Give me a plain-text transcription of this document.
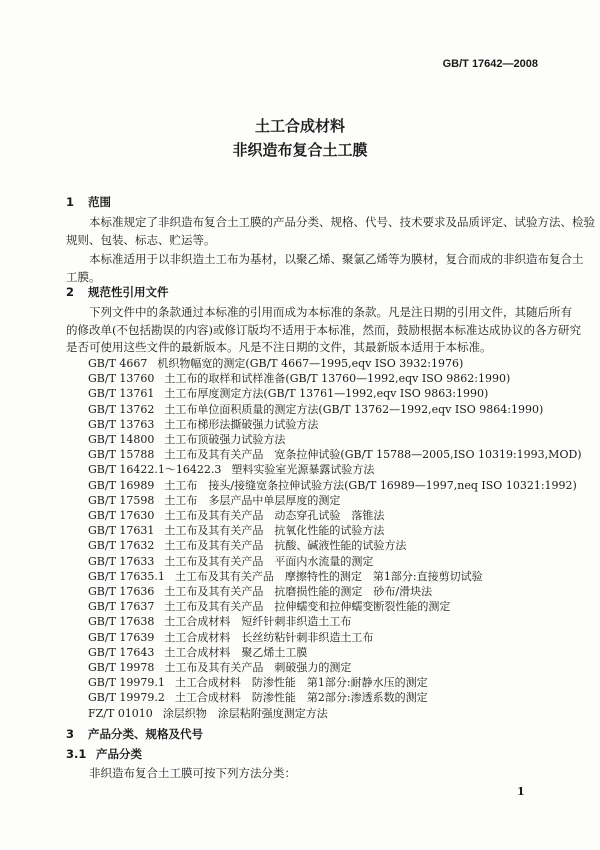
GB/T 17642—2008
土工合成材料
非织造布复合土工膜
1 范围
　　本标准规定了非织造布复合土工膜的产品分类、规格、代号、技术要求及品质评定、试验方法、检验
规则、包装、标志、贮运等。
　　本标准适用于以非织造土工布为基材，以聚乙烯、聚氯乙烯等为膜材，复合而成的非织造布复合土
工膜。
2 规范性引用文件
　　下列文件中的条款通过本标准的引用而成为本标准的条款。凡是注日期的引用文件，其随后所有
的修改单(不包括勘误的内容)或修订版均不适用于本标准，然而，鼓励根据本标准达成协议的各方研究
是否可使用这些文件的最新版本。凡是不注日期的文件，其最新版本适用于本标准。
GB/T 4667 机织物幅宽的测定(GB/T 4667—1995,eqv ISO 3932:1976)
GB/T 13760 土工布的取样和试样准备(GB/T 13760—1992,eqv ISO 9862:1990)
GB/T 13761 土工布厚度测定方法(GB/T 13761—1992,eqv ISO 9863:1990)
GB/T 13762 土工布单位面积质量的测定方法(GB/T 13762—1992,eqv ISO 9864:1990)
GB/T 13763 土工布梯形法撕破强力试验方法
GB/T 14800 土工布顶破强力试验方法
GB/T 15788 土工布及其有关产品　宽条拉伸试验(GB/T 15788—2005,ISO 10319:1993,MOD)
GB/T 16422.1～16422.3 塑料实验室光源暴露试验方法
GB/T 16989 土工布　接头/接缝宽条拉伸试验方法(GB/T 16989—1997,neq ISO 10321:1992)
GB/T 17598 土工布　多层产品中单层厚度的测定
GB/T 17630 土工布及其有关产品　动态穿孔试验　落锥法
GB/T 17631 土工布及其有关产品　抗氧化性能的试验方法
GB/T 17632 土工布及其有关产品　抗酸、碱液性能的试验方法
GB/T 17633 土工布及其有关产品　平面内水流量的测定
GB/T 17635.1 土工布及其有关产品　摩擦特性的测定　第1部分:直接剪切试验
GB/T 17636 土工布及其有关产品　抗磨损性能的测定　砂布/滑块法
GB/T 17637 土工布及其有关产品　拉伸蠕变和拉伸蠕变断裂性能的测定
GB/T 17638 土工合成材料　短纤针刺非织造土工布
GB/T 17639 土工合成材料　长丝纺粘针刺非织造土工布
GB/T 17643 土工合成材料　聚乙烯土工膜
GB/T 19978 土工布及其有关产品　刺破强力的测定
GB/T 19979.1 土工合成材料　防渗性能　第1部分:耐静水压的测定
GB/T 19979.2 土工合成材料　防渗性能　第2部分:渗透系数的测定
FZ/T 01010 涂层织物　涂层粘附强度测定方法
3 产品分类、规格及代号
3.1 产品分类
　　非织造布复合土工膜可按下列方法分类：
1
